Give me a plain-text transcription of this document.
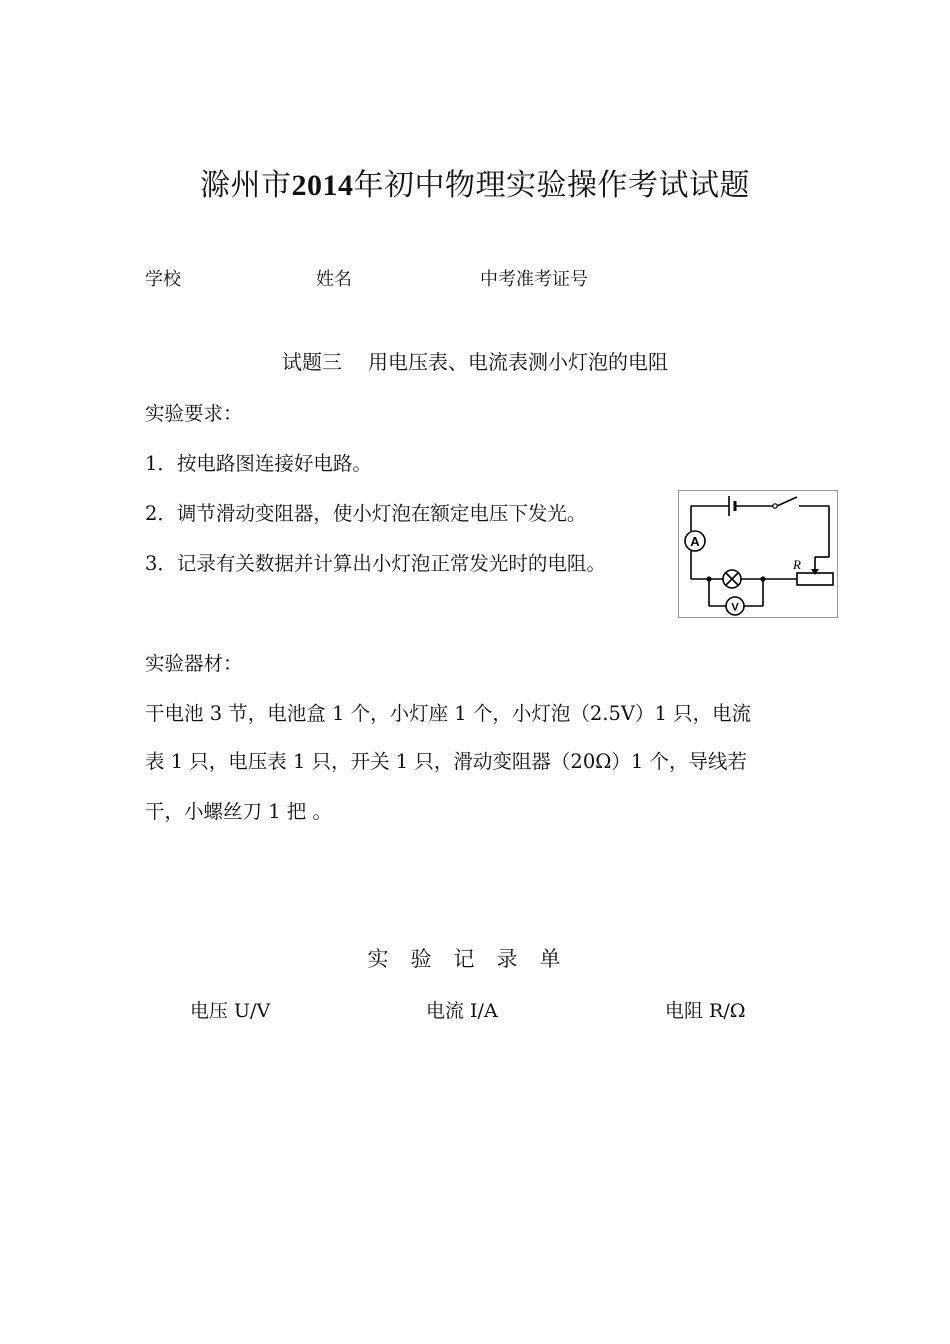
滁州市2014年初中物理实验操作考试试题
学校	姓名	中考准考证号
试题三 用电压表、电流表测小灯泡的电阻
实验要求：
1．按电路图连接好电路。
2．调节滑动变阻器，使小灯泡在额定电压下发光。
3．记录有关数据并计算出小灯泡正常发光时的电阻。
A
V
R
实验器材：
干电池 3 节，电池盒 1 个，小灯座 1 个，小灯泡（2.5V）1 只，电流
表 1 只，电压表 1 只，开关 1 只，滑动变阻器（20Ω）1 个，导线若
干，小螺丝刀 1 把 。
实验记录单
电压 U/V	电流 I/A	电阻 R/Ω
